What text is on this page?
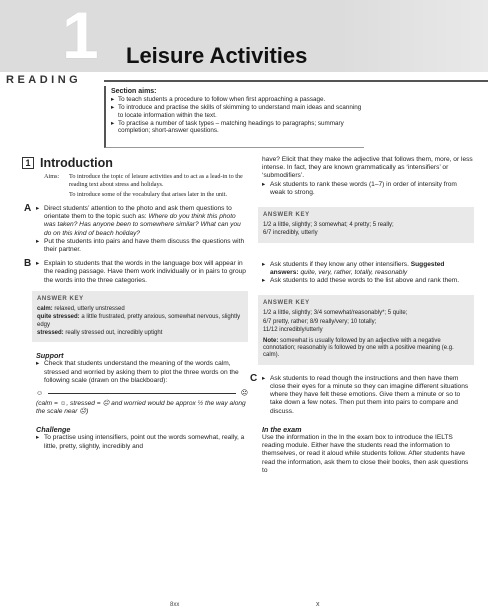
1 Leisure Activities
READING
Section aims:
▸ To teach students a procedure to follow when first approaching a passage.
▸ To introduce and practise the skills of skimming to understand main ideas and scanning to locate information within the text.
▸ To practise a number of task types – matching headings to paragraphs; summary completion; short-answer questions.
1 Introduction
Aims:	To introduce the topic of leisure activities and to act as a lead-in to the reading text about stress and holidays.
To introduce some of the vocabulary that arises later in the unit.
A	▸ Direct students’ attention to the photo and ask them questions to orientate them to the topic such as: Where do you think this photo was taken? Has anyone been to somewhere similar? What can you do on this kind of beach holiday?
▸ Put the students into pairs and have them discuss the questions with their partner.
B	▸ Explain to students that the words in the language box will appear in the reading passage. Have them work individually or in pairs to group the words into the three categories.
ANSWER KEY
calm: relaxed, utterly unstressed
quite stressed: a little frustrated, pretty anxious, somewhat nervous, slightly edgy
stressed: really stressed out, incredibly uptight
Support
▸ Check that students understand the meaning of the words calm, stressed and worried by asking them to plot the three words on the following scale (drawn on the blackboard):
☺	☹
(calm = ☺, stressed = ☹ and worried would be approx ½ the way along the scale near ☹)
Challenge
▸ To practise using intensifiers, point out the words somewhat, really, a little, pretty, slightly, incredibly and
have? Elicit that they make the adjective that follows them, more, or less intense. In fact, they are known grammatically as ‘intensifiers’ or ‘submodifiers’.
▸ Ask students to rank these words (1–7) in order of intensity from weak to strong.
ANSWER KEY
1/2 a little, slightly; 3 somewhat; 4 pretty; 5 really;
6/7 incredibly, utterly
▸ Ask students if they know any other intensifiers. Suggested answers: quite, very, rather, totally, reasonably
▸ Ask students to add these words to the list above and rank them.
ANSWER KEY
1/2 a little, slightly; 3/4 somewhat/reasonably*; 5 quite;
6/7 pretty, rather; 8/9 really/very; 10 totally;
11/12 incredibly/utterly
Note: somewhat is usually followed by an adjective with a negative connotation; reasonably is followed by one with a positive meaning (e.g. calm).
C	▸ Ask students to read though the instructions and then have them close their eyes for a minute so they can imagine different situations where they have felt these emotions. Give them a minute or so to take down a few notes. Then put them into pairs to compare and discuss.
In the exam
Use the information in the In the exam box to introduce the IELTS reading module. Either have the students read the information to themselves, or read it aloud while students follow. After students have read the information, ask them to close their books, then ask questions to
8xx	x
